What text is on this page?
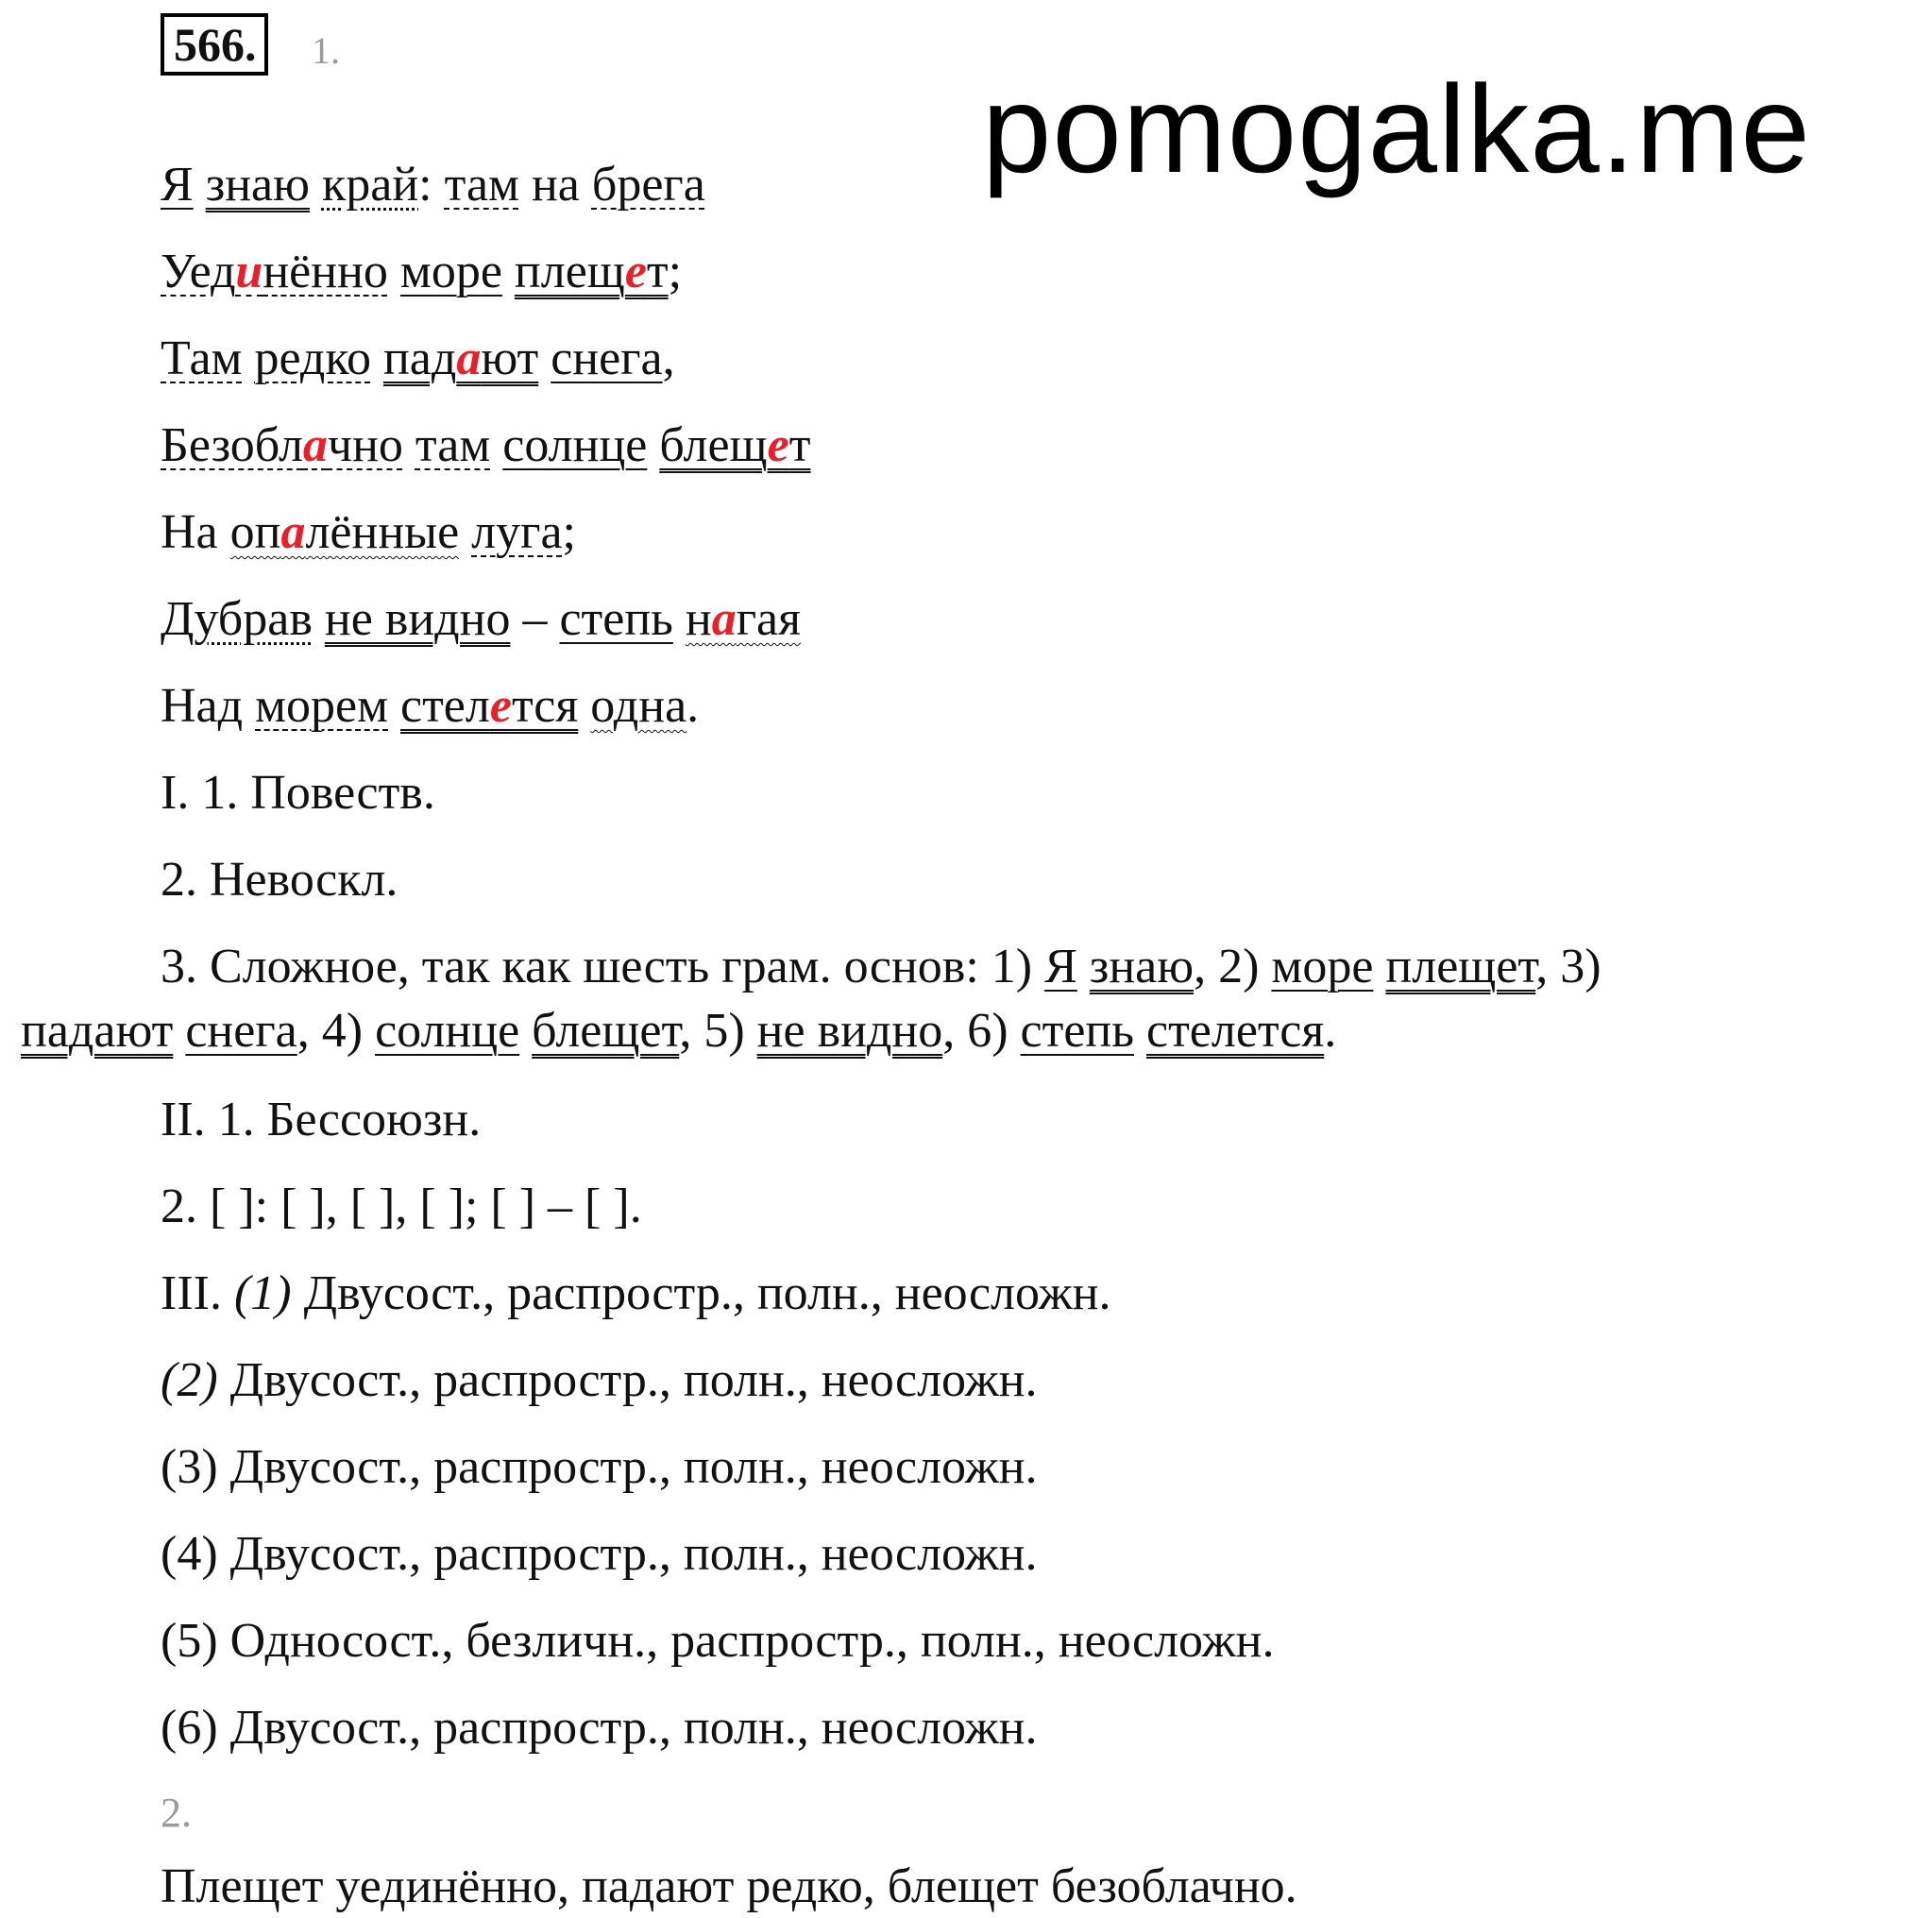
566.	1.
pomogalka.me
Я знаю край: там на брега
Уединённо море плещет;
Там редко падают снега,
Безоблачно там солнце блещет
На опалённые луга;
Дубрав не видно – степь нагая
Над морем стелется одна.
I. 1. Повеств.
2. Невоскл.
3. Сложное, так как шесть грам. основ: 1) Я знаю, 2) море плещет, 3)
падают снега, 4) солнце блещет, 5) не видно, 6) степь стелется.
II. 1. Бессоюзн.
2. [ ]: [ ], [ ], [ ]; [ ] – [ ].
III. (1) Двусост., распростр., полн., неосложн.
(2) Двусост., распростр., полн., неосложн.
(3) Двусост., распростр., полн., неосложн.
(4) Двусост., распростр., полн., неосложн.
(5) Односост., безличн., распростр., полн., неосложн.
(6) Двусост., распростр., полн., неосложн.
2.
Плещет уединённо, падают редко, блещет безоблачно.
